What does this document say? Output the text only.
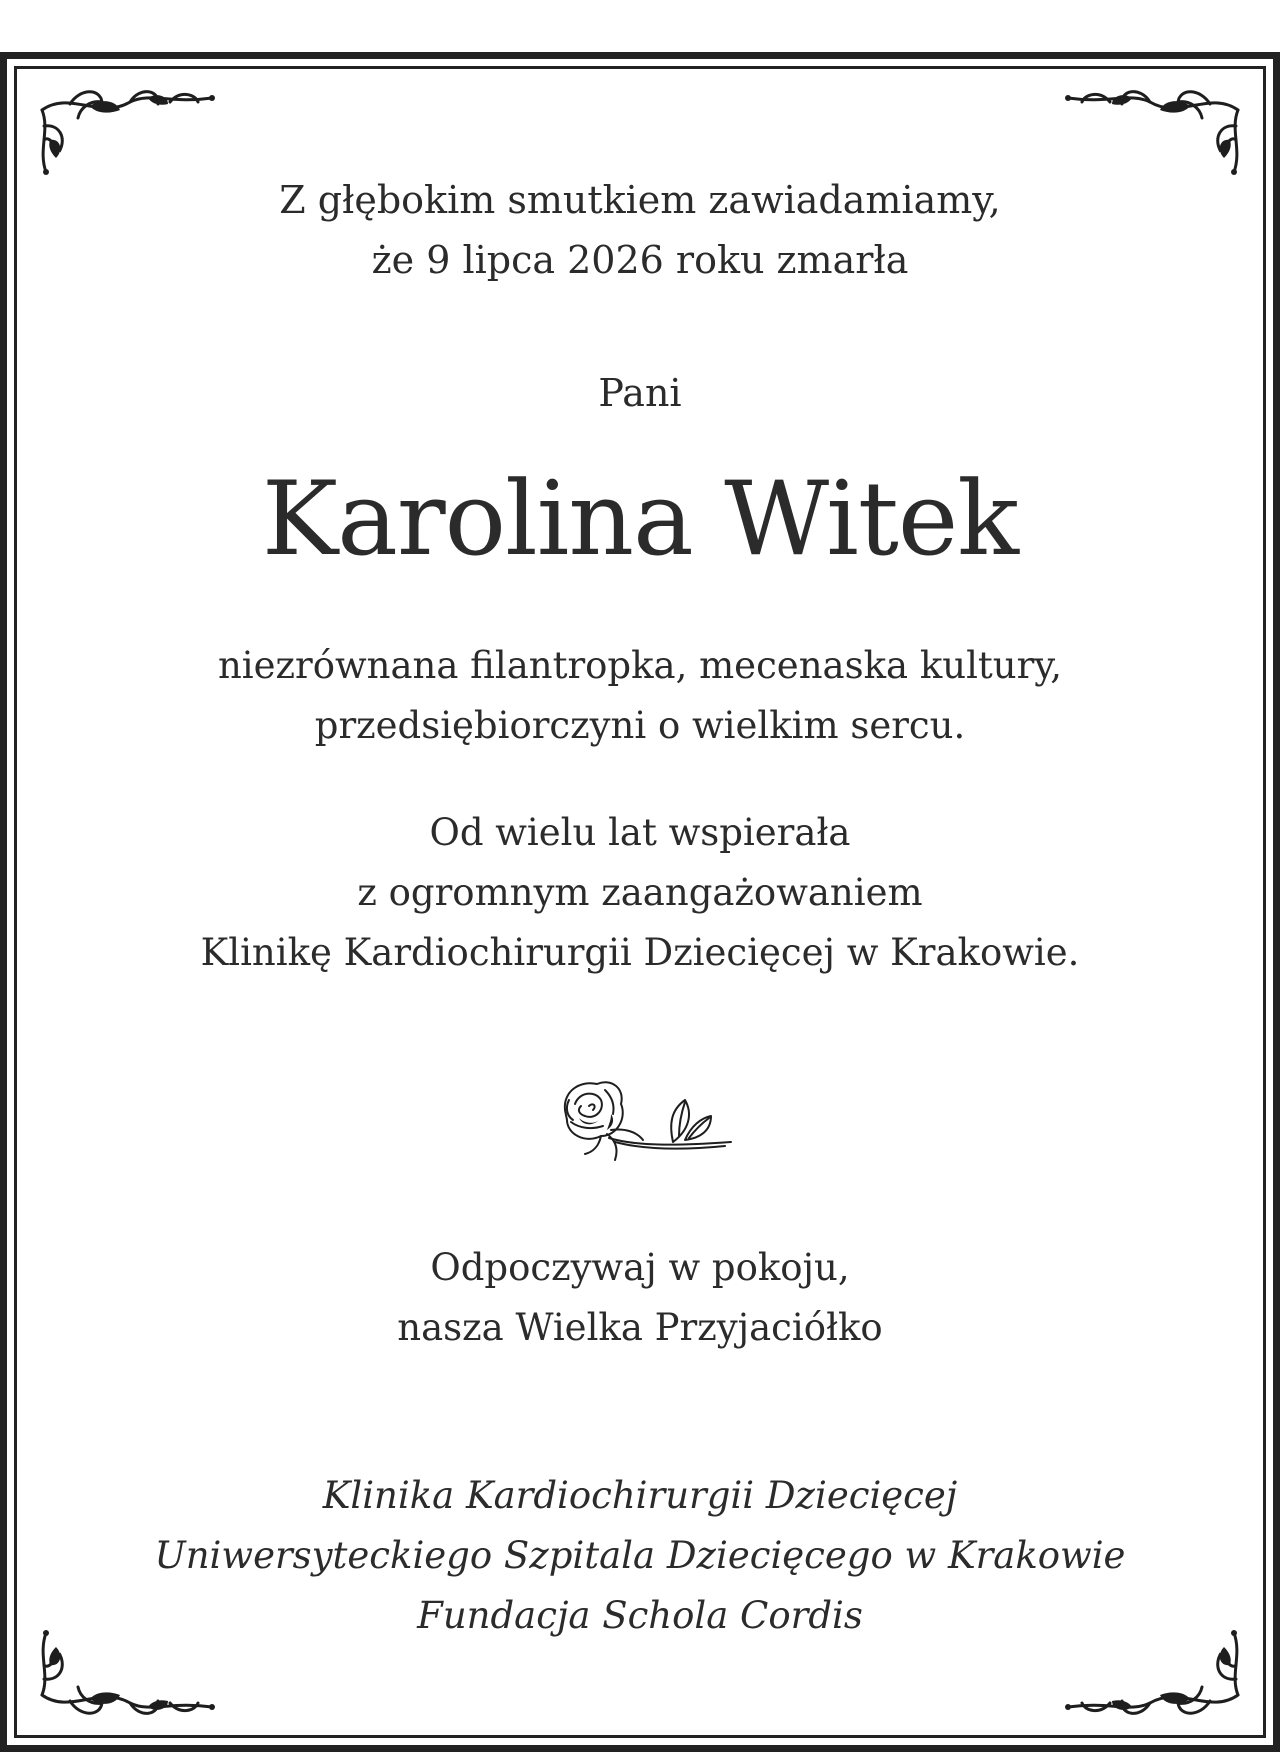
Z głębokim smutkiem zawiadamiamy,
że 9 lipca 2026 roku zmarła
Pani
Karolina Witek
niezrównana filantropka, mecenaska kultury,
przedsiębiorczyni o wielkim sercu.
Od wielu lat wspierała
z ogromnym zaangażowaniem
Klinikę Kardiochirurgii Dziecięcej w Krakowie.
Odpoczywaj w pokoju,
nasza Wielka Przyjaciółko
Klinika Kardiochirurgii Dziecięcej
Uniwersyteckiego Szpitala Dziecięcego w Krakowie
Fundacja Schola Cordis
